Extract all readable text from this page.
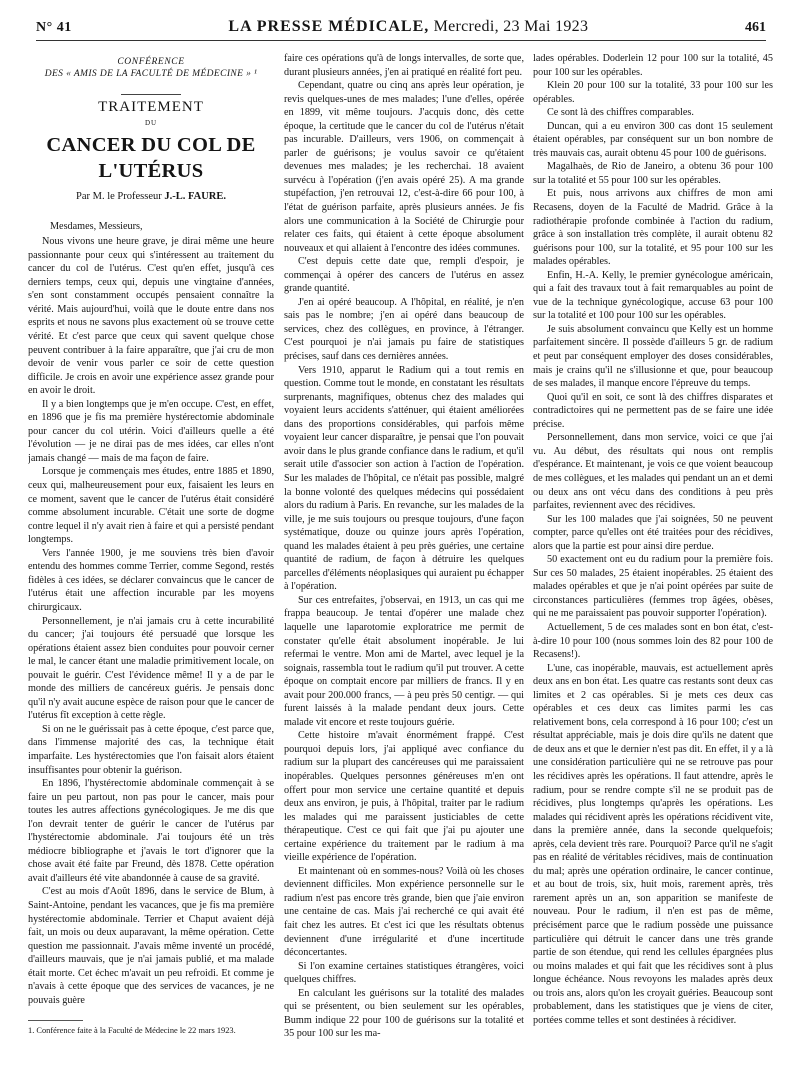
N° 41	LA PRESSE MÉDICALE, Mercredi, 23 Mai 1923	461
CONFÉRENCE
DES « AMIS DE LA FACULTÉ DE MÉDECINE » ¹
TRAITEMENT
DU
CANCER DU COL DE L'UTÉRUS
Par M. le Professeur J.-L. FAURE.

Mesdames, Messieurs,

Nous vivons une heure grave, je dirai même une heure passionnante pour ceux qui s'intéressent au traitement du cancer du col de l'utérus. C'est qu'en effet, jusqu'à ces derniers temps, ceux qui, depuis une vingtaine d'années, s'en sont constamment occupés pensaient connaître la vérité. Mais aujourd'hui, voilà que le doute entre dans nos esprits et nous ne savons plus exactement où se trouve cette vérité. Et c'est parce que ceux qui savent quelque chose peuvent contribuer à la faire apparaître, que j'ai cru de mon devoir de venir vous parler ce soir de cette question difficile. Je crois en avoir une expérience assez grande pour en avoir le droit.

Il y a bien longtemps que je m'en occupe. C'est, en effet, en 1896 que je fis ma première hystérectomie abdominale pour cancer du col utérin. Voici d'ailleurs quelle a été l'évolution — je ne dirai pas de mes idées, car elles n'ont jamais changé — mais de ma façon de faire.

Lorsque je commençais mes études, entre 1885 et 1890, ceux qui, malheureusement pour eux, faisaient les leurs en ce moment, savent que le cancer de l'utérus était considéré comme absolument incurable. C'était une sorte de dogme contre lequel il n'y avait rien à faire et qui a persisté pendant longtemps.

Vers l'année 1900, je me souviens très bien d'avoir entendu des hommes comme Terrier, comme Segond, restés fidèles à ces idées, se déclarer convaincus que le cancer de l'utérus était une affection incurable par les moyens chirurgicaux.

Personnellement, je n'ai jamais cru à cette incurabilité du cancer; j'ai toujours été persuadé que lorsque les opérations étaient assez bien conduites pour pouvoir cerner le mal, le cancer étant une maladie primitivement locale, on pouvait le guérir. C'est l'évidence même! Il y a de par le monde des milliers de cancéreux guéris. Je pensais donc qu'il n'y avait aucune espèce de raison pour que le cancer de l'utérus fît exception à cette règle.

Si on ne le guérissait pas à cette époque, c'est parce que, dans l'immense majorité des cas, la technique était imparfaite. Les hystérectomies que l'on faisait alors étaient insuffisantes pour obtenir la guérison.

En 1896, l'hystérectomie abdominale commençait à se faire un peu partout, non pas pour le cancer, mais pour toutes les autres affections gynécologiques. Je me dis que l'on devrait tenter de guérir le cancer de l'utérus par l'hystérectomie abdominale. J'ai toujours été un très médiocre bibliographe et j'avais le tort d'ignorer que la chose avait été faite par Freund, dès 1878. Cette opération avait d'ailleurs été vite abandonnée à cause de sa gravité.

C'est au mois d'Août 1896, dans le service de Blum, à Saint-Antoine, pendant les vacances, que je fis ma première hystérectomie abdominale. Terrier et Chaput avaient déjà fait, un mois ou deux auparavant, la même opération. Cette question me passionnait. J'avais même inventé un procédé, d'ailleurs mauvais, que je n'ai jamais publié, et ma malade était morte. Cet échec m'avait un peu refroidi. Et comme je n'avais à cette époque que des services de vacances, je ne pouvais guère

faire ces opérations qu'à de longs intervalles, de sorte que, durant plusieurs années, j'en ai pratiqué en réalité fort peu.

Cependant, quatre ou cinq ans après leur opération, je revis quelques-unes de mes malades; l'une d'elles, opérée en 1899, vit même toujours. J'acquis donc, dès cette époque, la certitude que le cancer du col de l'utérus n'était pas incurable. D'ailleurs, vers 1906, on commençait à parler de guérisons; je voulus savoir ce qu'étaient devenues mes malades; je les recherchai. 18 avaient survécu à l'opération (j'en avais opéré 25). A ma grande stupéfaction, j'en retrouvai 12, c'est-à-dire 66 pour 100, à l'état de guérison parfaite, après plusieurs années. Je fis alors une communication à la Société de Chirurgie pour relater ces faits, qui étaient à cette époque absolument nouveaux et qui allaient à l'encontre des idées communes.

C'est depuis cette date que, rempli d'espoir, je commençai à opérer des cancers de l'utérus en assez grande quantité.

J'en ai opéré beaucoup. A l'hôpital, en réalité, je n'en sais pas le nombre; j'en ai opéré dans beaucoup de services, chez des collègues, en province, à l'étranger. C'est pourquoi je n'ai jamais pu faire de statistiques précises, sauf dans ces dernières années.

Vers 1910, apparut le Radium qui a tout remis en question. Comme tout le monde, en constatant les résultats surprenants, magnifiques, obtenus chez des malades qui voyaient leurs accidents s'atténuer, qui étaient améliorées dans des proportions considérables, qui parfois même voyaient leur cancer disparaître, je pensai que l'on pouvait avoir dans le plus grande confiance dans le radium, et qu'il serait utile d'associer son action à l'action de l'opération. Sur les malades de l'hôpital, ce n'était pas possible, malgré la bonne volonté des quelques médecins qui possédaient alors du radium à Paris. En revanche, sur les malades de la ville, je me suis toujours ou presque toujours, d'une façon systématique, douze ou quinze jours après l'opération, quand les malades étaient à peu près guéries, une certaine quantité de radium, de façon à détruire les quelques parcelles d'éléments néoplasiques qui auraient pu échapper à l'opération.

Sur ces entrefaites, j'observai, en 1913, un cas qui me frappa beaucoup. Je tentai d'opérer une malade chez laquelle une laparotomie exploratrice me permit de constater qu'elle était absolument inopérable. Je lui refermai le ventre. Mon ami de Martel, avec lequel je la soignais, rassembla tout le radium qu'il put trouver. A cette époque on comptait encore par milliers de francs. Il y en avait pour 200.000 francs, — à peu près 50 centigr. — qui furent laissés à la malade pendant deux jours. Cette malade vit encore et reste toujours guérie.

Cette histoire m'avait énormément frappé. C'est pourquoi depuis lors, j'ai appliqué avec confiance du radium sur la plupart des cancéreuses qui me paraissaient inopérables. Quelques personnes généreuses m'en ont offert pour mon service une certaine quantité et depuis deux ans environ, je puis, à l'hôpital, traiter par le radium les malades qui me paraissent justiciables de cette thérapeutique. C'est ce qui fait que j'ai pu ajouter une certaine expérience du traitement par le radium à ma vieille expérience de l'opération.

Et maintenant où en sommes-nous? Voilà où les choses deviennent difficiles. Mon expérience personnelle sur le radium n'est pas encore très grande, bien que j'aie environ une centaine de cas. Mais j'ai recherché ce qui avait été fait chez les autres. Et c'est ici que les résultats obtenus deviennent d'une irrégularité et d'une incertitude déconcertantes.

Si l'on examine certaines statistiques étrangères, voici quelques chiffres.

En calculant les guérisons sur la totalité des malades qui se présentent, ou bien seulement sur les opérables, Bumm indique 22 pour 100 de guérisons sur la totalité et 35 pour 100 sur les ma-

lades opérables. Doderlein 12 pour 100 sur la totalité, 45 pour 100 sur les opérables.

Klein 20 pour 100 sur la totalité, 33 pour 100 sur les opérables.

Ce sont là des chiffres comparables.

Duncan, qui a eu environ 300 cas dont 15 seulement étaient opérables, par conséquent sur un bon nombre de très mauvais cas, aurait obtenu 45 pour 100 de guérisons.

Magalhaès, de Rio de Janeiro, a obtenu 36 pour 100 sur la totalité et 55 pour 100 sur les opérables.

Et puis, nous arrivons aux chiffres de mon ami Recasens, doyen de la Faculté de Madrid. Grâce à la radiothérapie profonde combinée à l'action du radium, grâce à son installation très complète, il aurait obtenu 82 guérisons pour 100, sur la totalité, et 95 pour 100 sur les malades opérables.

Enfin, H.-A. Kelly, le premier gynécologue américain, qui a fait des travaux tout à fait remarquables au point de vue de la technique gynécologique, accuse 63 pour 100 sur la totalité et 100 pour 100 sur les opérables.

Je suis absolument convaincu que Kelly est un homme parfaitement sincère. Il possède d'ailleurs 5 gr. de radium et peut par conséquent employer des doses considérables, mais je crains qu'il ne s'illusionne et que, pour beaucoup de ses malades, il manque encore l'épreuve du temps.

Quoi qu'il en soit, ce sont là des chiffres disparates et contradictoires qui ne permettent pas de se faire une idée précise.

Personnellement, dans mon service, voici ce que j'ai vu. Au début, des résultats qui nous ont remplis d'espérance. Et maintenant, je vois ce que voient beaucoup de mes collègues, et les malades qui pendant un an et demi ou deux ans ont vécu dans des conditions à peu près parfaites, reviennent avec des récidives.

Sur les 100 malades que j'ai soignées, 50 ne peuvent compter, parce qu'elles ont été traitées pour des récidives, alors que la partie est pour ainsi dire perdue.

50 exactement ont eu du radium pour la première fois. Sur ces 50 malades, 25 étaient inopérables. 25 étaient des malades opérables et que je n'ai point opérées par suite de circonstances particulières (femmes trop âgées, obèses, qui ne me paraissaient pas pouvoir supporter l'opération).

Actuellement, 5 de ces malades sont en bon état, c'est-à-dire 10 pour 100 (nous sommes loin des 82 pour 100 de Recasens!).

L'une, cas inopérable, mauvais, est actuellement après deux ans en bon état. Les quatre cas restants sont deux cas limites et 2 cas opérables. Si je mets ces deux cas opérables et ces deux cas limites parmi les cas relativement bons, cela correspond à 16 pour 100; c'est un résultat appréciable, mais je dois dire qu'ils ne datent que de deux ans et que le dernier n'est pas dit. En effet, il y a là une considération particulière qui ne se retrouve pas pour les récidives après les opérations. Il faut attendre, après le radium, pour se rendre compte s'il ne se produit pas de récidives, plus longtemps qu'après les opérations. Les malades qui récidivent après les opérations récidivent vite, dans la première année, dans la seconde quelquefois; après, cela devient très rare. Pourquoi? Parce qu'il ne s'agit pas en réalité de véritables récidives, mais de continuation du mal; après une opération ordinaire, le cancer continue, et au bout de trois, six, huit mois, rarement après, très rarement après un an, son apparition se manifeste de nouveau. Pour le radium, il n'en est pas de même, précisément parce que le radium possède une puissance particulière qui détruit le cancer dans une très grande partie de son étendue, qui rend les cellules épargnées plus ou moins malades et qui fait que les récidives sont à plus longue échéance. Nous revoyons les malades après deux ou trois ans, alors qu'on les croyait guéries. Beaucoup sont probablement, dans les statistiques que je viens de citer, portées comme telles et sont destinées à récidiver.

1. Conférence faite à la Faculté de Médecine le 22 mars 1923.
